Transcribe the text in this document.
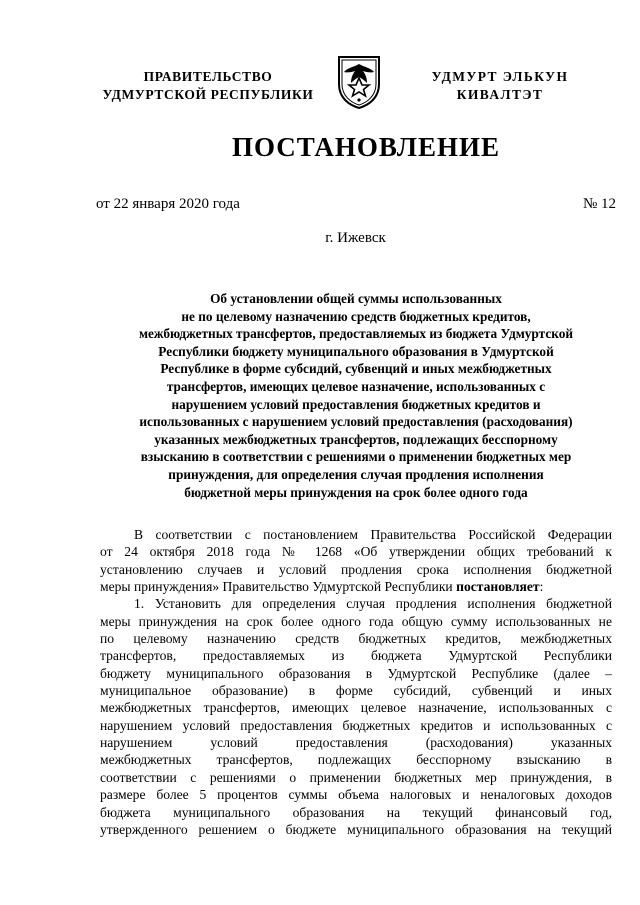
ПРАВИТЕЛЬСТВО
УДМУРТСКОЙ РЕСПУБЛИКИ
УДМУРТ ЭЛЬКУН
КИВАЛТЭТ
ПОСТАНОВЛЕНИЕ
от 22 января 2020 года	№ 12
г. Ижевск
Об установлении общей суммы использованных
не по целевому назначению средств бюджетных кредитов,
межбюджетных трансфертов, предоставляемых из бюджета Удмуртской
Республики бюджету муниципального образования в Удмуртской
Республике в форме субсидий, субвенций и иных межбюджетных
трансфертов, имеющих целевое назначение, использованных с
нарушением условий предоставления бюджетных кредитов и
использованных с нарушением условий предоставления (расходования)
указанных межбюджетных трансфертов, подлежащих бесспорному
взысканию в соответствии с решениями о применении бюджетных мер
принуждения, для определения случая продления исполнения
бюджетной меры принуждения на срок более одного года
В соответствии с постановлением Правительства Российской Федерации
от 24 октября 2018 года № 1268 «Об утверждении общих требований к
установлению случаев и условий продления срока исполнения бюджетной
меры принуждения» Правительство Удмуртской Республики постановляет:
1. Установить для определения случая продления исполнения бюджетной
меры принуждения на срок более одного года общую сумму использованных не
по целевому назначению средств бюджетных кредитов, межбюджетных
трансфертов, предоставляемых из бюджета Удмуртской Республики
бюджету муниципального образования в Удмуртской Республике (далее –
муниципальное образование) в форме субсидий, субвенций и иных
межбюджетных трансфертов, имеющих целевое назначение, использованных с
нарушением условий предоставления бюджетных кредитов и использованных с
нарушением условий предоставления (расходования) указанных
межбюджетных трансфертов, подлежащих бесспорному взысканию в
соответствии с решениями о применении бюджетных мер принуждения, в
размере более 5 процентов суммы объема налоговых и неналоговых доходов
бюджета муниципального образования на текущий финансовый год,
утвержденного решением о бюджете муниципального образования на текущий
